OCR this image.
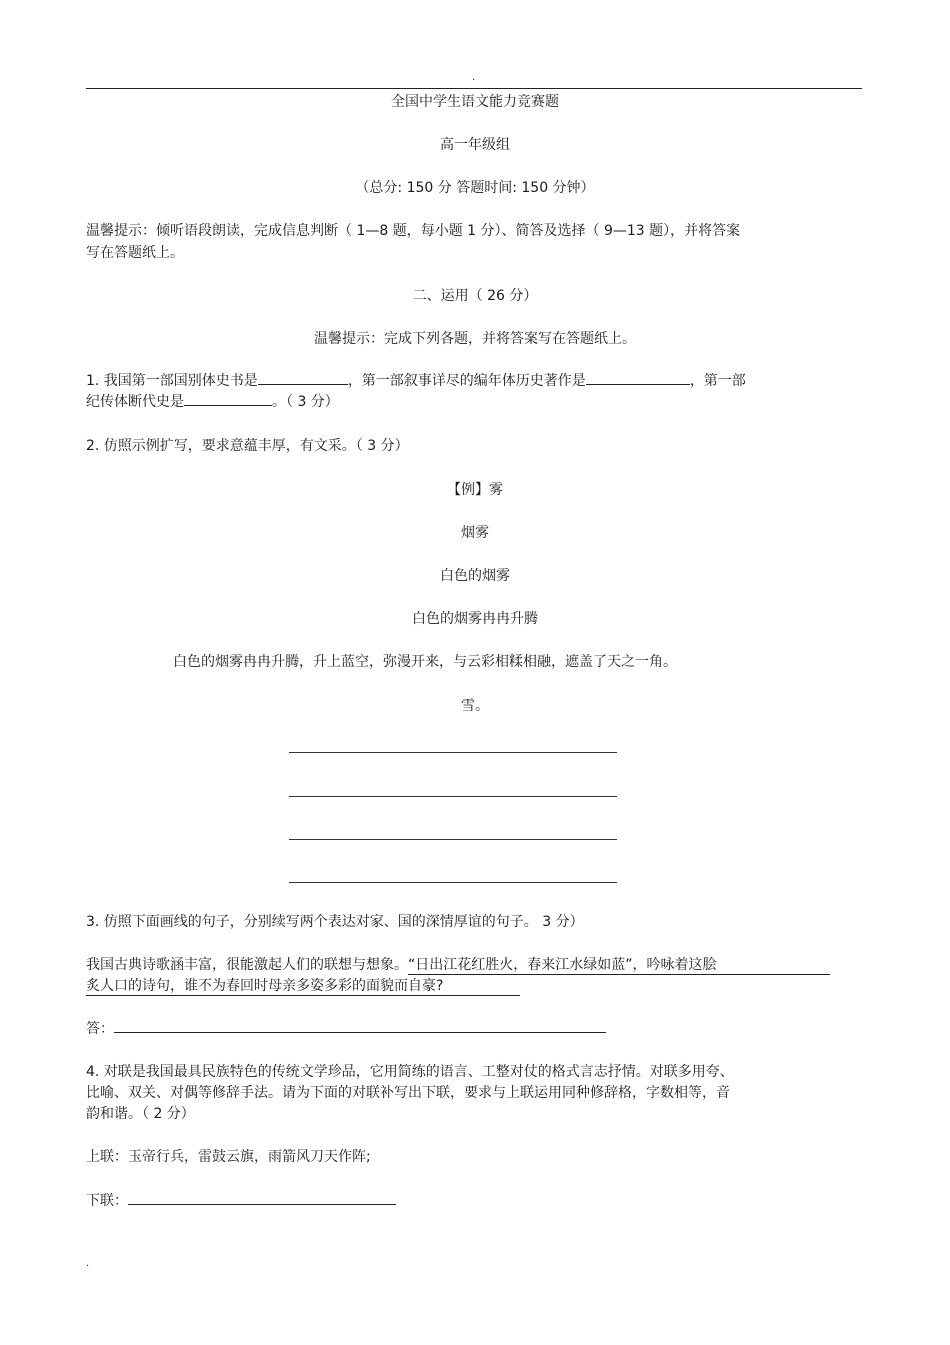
.
全国中学生语文能力竞赛题
高一年级组
（总分: 150 分 答题时间: 150 分钟）
温馨提示：倾听语段朗读，完成信息判断（ 1—8 题，每小题 1 分）、简答及选择（ 9—13 题），并将答案
写在答题纸上。
二、运用（ 26 分）
温馨提示：完成下列各题，并将答案写在答题纸上。
1. 我国第一部国别体史书是	，第一部叙事详尽的编年体历史著作是	，第一部
纪传体断代史是	。（ 3 分）
2. 仿照示例扩写，要求意蕴丰厚，有文采。（ 3 分）
【例】雾
烟雾
白色的烟雾
白色的烟雾冉冉升腾
白色的烟雾冉冉升腾，升上蓝空，弥漫开来，与云彩相糅相融，遮盖了天之一角。
雪。
3. 仿照下面画线的句子，分别续写两个表达对家、国的深情厚谊的句子。 3 分）
我国古典诗歌涵丰富，很能激起人们的联想与想象。“日出江花红胜火，春来江水绿如蓝”，吟咏着这脍
炙人口的诗句，谁不为春回时母亲多姿多彩的面貌而自豪?
答：
4. 对联是我国最具民族特色的传统文学珍品，它用简练的语言、工整对仗的格式言志抒情。对联多用夸、
比喻、双关、对偶等修辞手法。请为下面的对联补写出下联，要求与上联运用同种修辞格，字数相等，音
韵和谐。（ 2 分）
上联：玉帝行兵，雷鼓云旗，雨箭风刀天作阵;
下联：
.
